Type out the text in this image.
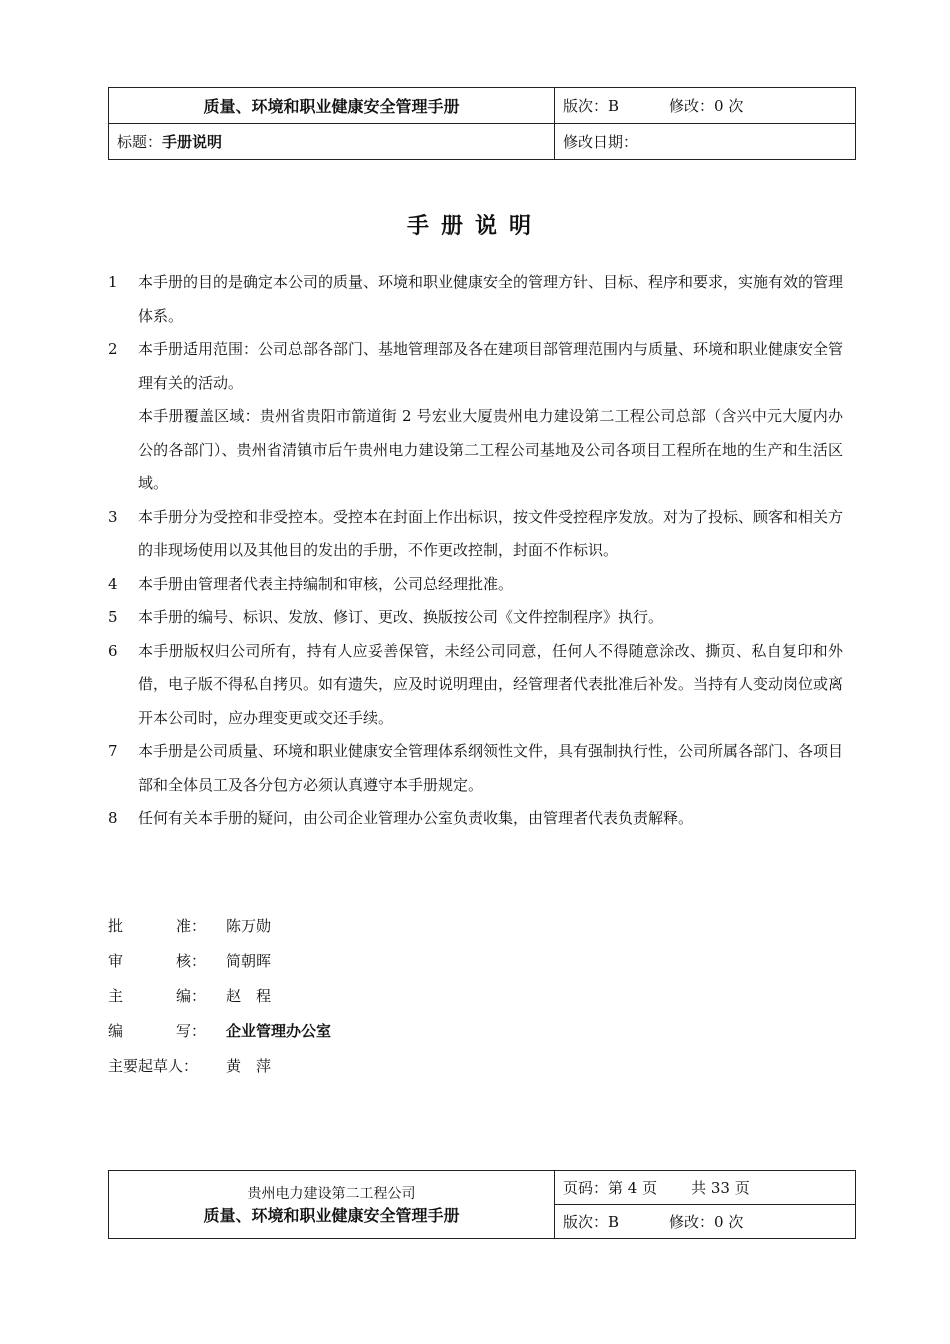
质量、环境和职业健康安全管理手册	版次：B 修改：0 次
标题：手册说明	修改日期：
手册说明
1 本手册的目的是确定本公司的质量、环境和职业健康安全的管理方针、目标、程序和要求，实施有效的管理体系。

2 本手册适用范围：公司总部各部门、基地管理部及各在建项目部管理范围内与质量、环境和职业健康安全管理有关的活动。

本手册覆盖区域：贵州省贵阳市箭道街 2 号宏业大厦贵州电力建设第二工程公司总部（含兴中元大厦内办公的各部门）、贵州省清镇市后午贵州电力建设第二工程公司基地及公司各项目工程所在地的生产和生活区域。

3 本手册分为受控和非受控本。受控本在封面上作出标识，按文件受控程序发放。对为了投标、顾客和相关方的非现场使用以及其他目的发出的手册，不作更改控制，封面不作标识。

4 本手册由管理者代表主持编制和审核，公司总经理批准。

5 本手册的编号、标识、发放、修订、更改、换版按公司《文件控制程序》执行。

6 本手册版权归公司所有，持有人应妥善保管，未经公司同意，任何人不得随意涂改、撕页、私自复印和外借，电子版不得私自拷贝。如有遗失，应及时说明理由，经管理者代表批准后补发。当持有人变动岗位或离开本公司时，应办理变更或交还手续。

7 本手册是公司质量、环境和职业健康安全管理体系纲领性文件，具有强制执行性，公司所属各部门、各项目部和全体员工及各分包方必须认真遵守本手册规定。

8 任何有关本手册的疑问，由公司企业管理办公室负责收集，由管理者代表负责解释。

批	准： 陈万勋
审	核： 简朝晖
主	编： 赵　程
编	写： 企业管理办公室
主要起草人： 黄　萍
贵州电力建设第二工程公司
质量、环境和职业健康安全管理手册
	页码：第 4 页 共 33 页
版次：B	修改：0 次
